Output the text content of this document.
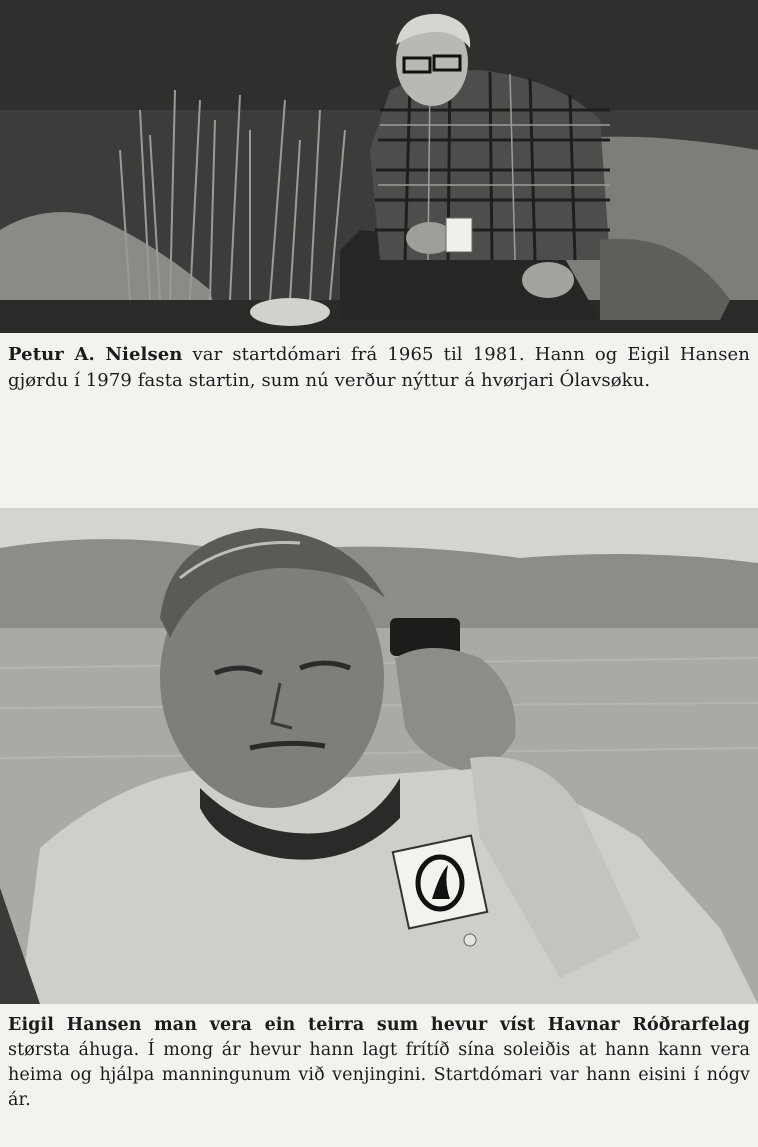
Petur A. Nielsen var startdómari frá 1965 til 1981. Hann og Eigil Hansen gjørdu í 1979 fasta startin, sum nú verður nýttur á hvørjari Ólavsøku.
Eigil Hansen man vera ein teirra sum hevur víst Havnar Róðrarfelag størsta áhuga. Í mong ár hevur hann lagt frítíð sína soleiðis at hann kann vera heima og hjálpa manningunum við venjingini. Startdómari var hann eisini í nógv ár.
